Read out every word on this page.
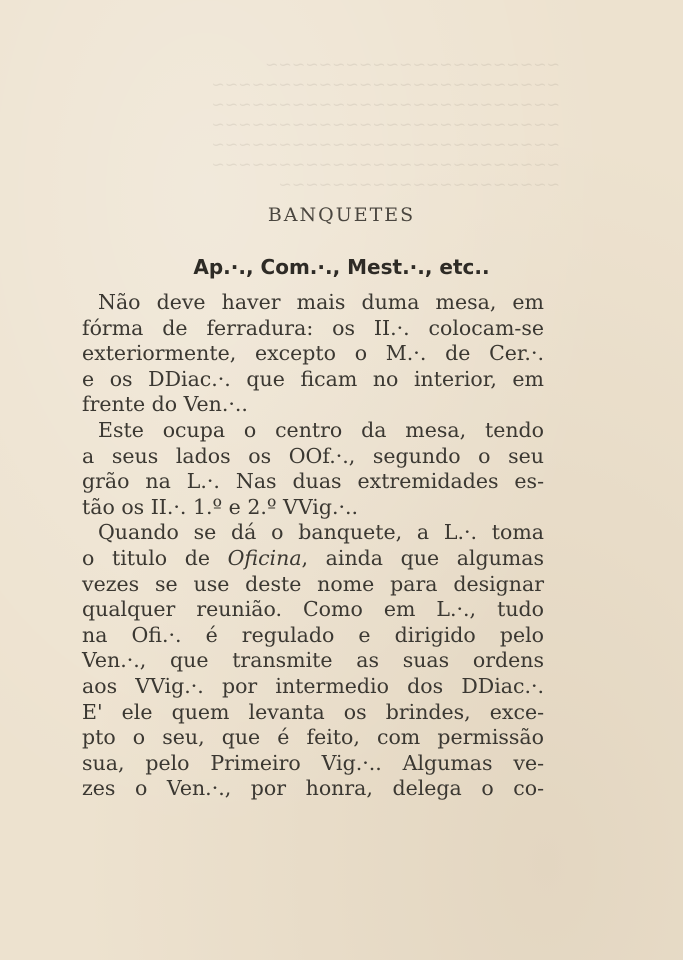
~~~~~~~~~~~~~~~~~~~~~~
~~~~~~~~~~~~~~~~~~~~~~~~~~
~~~~~~~~~~~~~~~~~~~~~~~~~~
~~~~~~~~~~~~~~~~~~~~~~~~~~
~~~~~~~~~~~~~~~~~~~~~~~~~~
~~~~~~~~~~~~~~~~~~~~~~~~~~
~~~~~~~~~~~~~~~~~~~~~
BANQUETES
Ap.·., Com.·., Mest.·., etc..
Não deve haver mais duma mesa, em
fórma de ferradura: os II.·. colocam-se
exteriormente, excepto o M.·. de Cer.·.
e os DDiac.·. que ficam no interior, em
frente do Ven.·..
Este ocupa o centro da mesa, tendo
a seus lados os OOf.·., segundo o seu
grão na L.·. Nas duas extremidades es-
tão os II.·. 1.º e 2.º VVig.·..
Quando se dá o banquete, a L.·. toma
o titulo de Oficina, ainda que algumas
vezes se use deste nome para designar
qualquer reunião. Como em L.·., tudo
na Ofi.·. é regulado e dirigido pelo
Ven.·., que transmite as suas ordens
aos VVig.·. por intermedio dos DDiac.·.
E' ele quem levanta os brindes, exce-
pto o seu, que é feito, com permissão
sua, pelo Primeiro Vig.·.. Algumas ve-
zes o Ven.·., por honra, delega o co-
